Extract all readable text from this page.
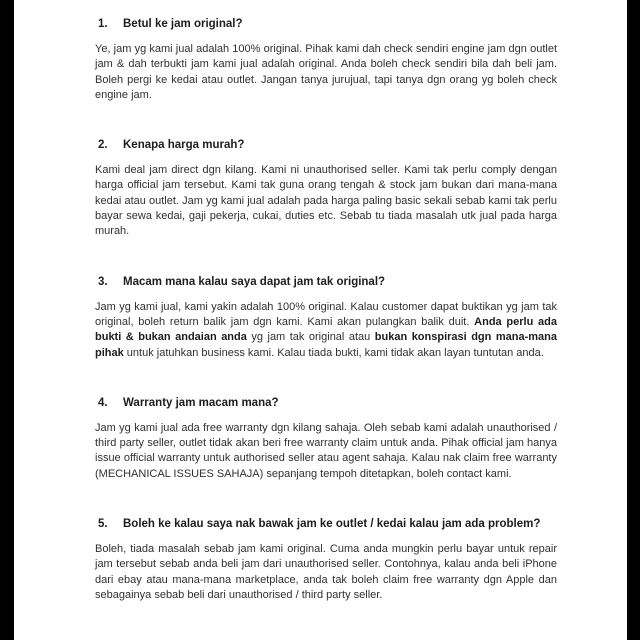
1.	Betul ke jam original?

Ye, jam yg kami jual adalah 100% original. Pihak kami dah check sendiri engine jam dgn outlet jam & dah terbukti jam kami jual adalah original. Anda boleh check sendiri bila dah beli jam. Boleh pergi ke kedai atau outlet. Jangan tanya jurujual, tapi tanya dgn orang yg boleh check engine jam.

2.	Kenapa harga murah?

Kami deal jam direct dgn kilang. Kami ni unauthorised seller. Kami tak perlu comply dengan harga official jam tersebut. Kami tak guna orang tengah & stock jam bukan dari mana-mana kedai atau outlet. Jam yg kami jual adalah pada harga paling basic sekali sebab kami tak perlu bayar sewa kedai, gaji pekerja, cukai, duties etc. Sebab tu tiada masalah utk jual pada harga murah.

3.	Macam mana kalau saya dapat jam tak original?

Jam yg kami jual, kami yakin adalah 100% original. Kalau customer dapat buktikan yg jam tak original, boleh return balik jam dgn kami. Kami akan pulangkan balik duit. Anda perlu ada bukti & bukan andaian anda yg jam tak original atau bukan konspirasi dgn mana-mana pihak untuk jatuhkan business kami. Kalau tiada bukti, kami tidak akan layan tuntutan anda.

4.	Warranty jam macam mana?

Jam yg kami jual ada free warranty dgn kilang sahaja. Oleh sebab kami adalah unauthorised / third party seller, outlet tidak akan beri free warranty claim untuk anda. Pihak official jam hanya issue official warranty untuk authorised seller atau agent sahaja. Kalau nak claim free warranty (MECHANICAL ISSUES SAHAJA) sepanjang tempoh ditetapkan, boleh contact kami.

5.	Boleh ke kalau saya nak bawak jam ke outlet / kedai kalau jam ada problem?

Boleh, tiada masalah sebab jam kami original. Cuma anda mungkin perlu bayar untuk repair jam tersebut sebab anda beli jam dari unauthorised seller. Contohnya, kalau anda beli iPhone dari ebay atau mana-mana marketplace, anda tak boleh claim free warranty dgn Apple dan sebagainya sebab beli dari unauthorised / third party seller.
